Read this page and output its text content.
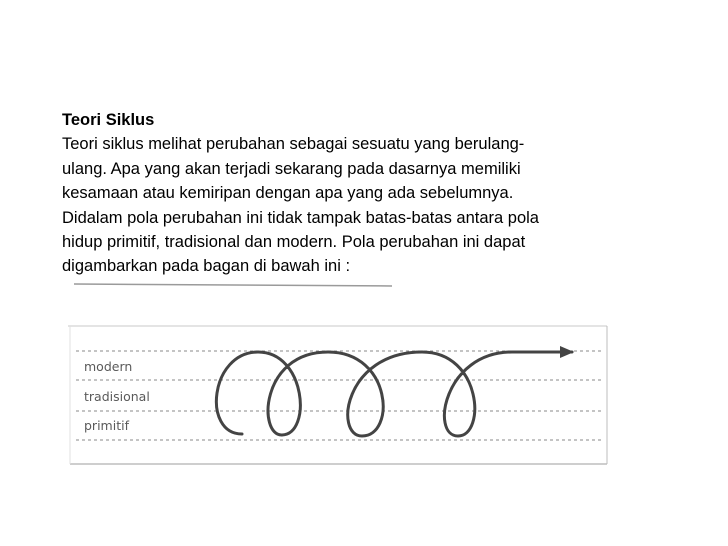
Teori Siklus
Teori siklus melihat perubahan sebagai sesuatu yang berulang-
ulang. Apa yang akan terjadi sekarang pada dasarnya memiliki
kesamaan atau kemiripan dengan apa yang ada sebelumnya.
Didalam pola perubahan ini tidak tampak batas-batas antara pola
hidup primitif, tradisional dan modern. Pola perubahan ini dapat
digambarkan pada bagan di bawah ini :
modern
tradisional
primitif
